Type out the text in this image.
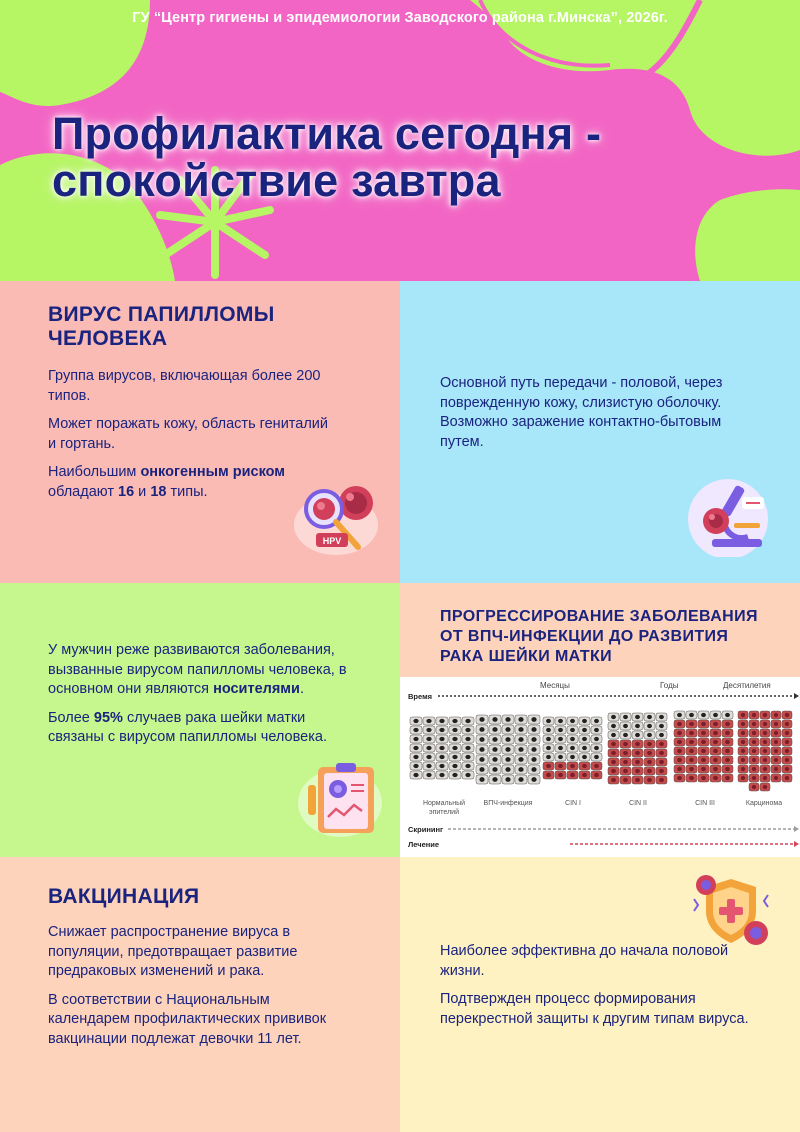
ГУ “Центр гигиены и эпидемиологии Заводского района г.Минска”, 2026г.
Профилактика сегодня -
спокойствие завтра
ВИРУС ПАПИЛЛОМЫ
ЧЕЛОВЕКА

Группа вирусов, включающая более 200 типов.

Может поражать кожу, область гениталий и гортань.

Наибольшим онкогенным риском обладают 16 и 18 типы.

HPV

Основной путь передачи - половой, через поврежденную кожу, слизистую оболочку. Возможно заражение контактно-бытовым путем.

У мужчин реже развиваются заболевания, вызванные вирусом папилломы человека, в основном они являются носителями.

Более 95% случаев рака шейки матки связаны с вирусом папилломы человека.

ПРОГРЕССИРОВАНИЕ ЗАБОЛЕВАНИЯ
ОТ ВПЧ-ИНФЕКЦИИ ДО РАЗВИТИЯ
РАКА ШЕЙКИ МАТКИ
Время
Месяцы	Годы	Десятилетия
Нормальный
эпителий
ВПЧ-инфекция	CIN I	CIN II	CIN III	Карцинома
Скрининг
Лечение
ВАКЦИНАЦИЯ

Снижает распространение вируса в популяции, предотвращает развитие предраковых изменений и рака.

В соответствии с Национальным календарем профилактических прививок вакцинации подлежат девочки 11 лет.

Наиболее эффективна до начала половой жизни.

Подтвержден процесс формирования перекрестной защиты к другим типам вируса.
